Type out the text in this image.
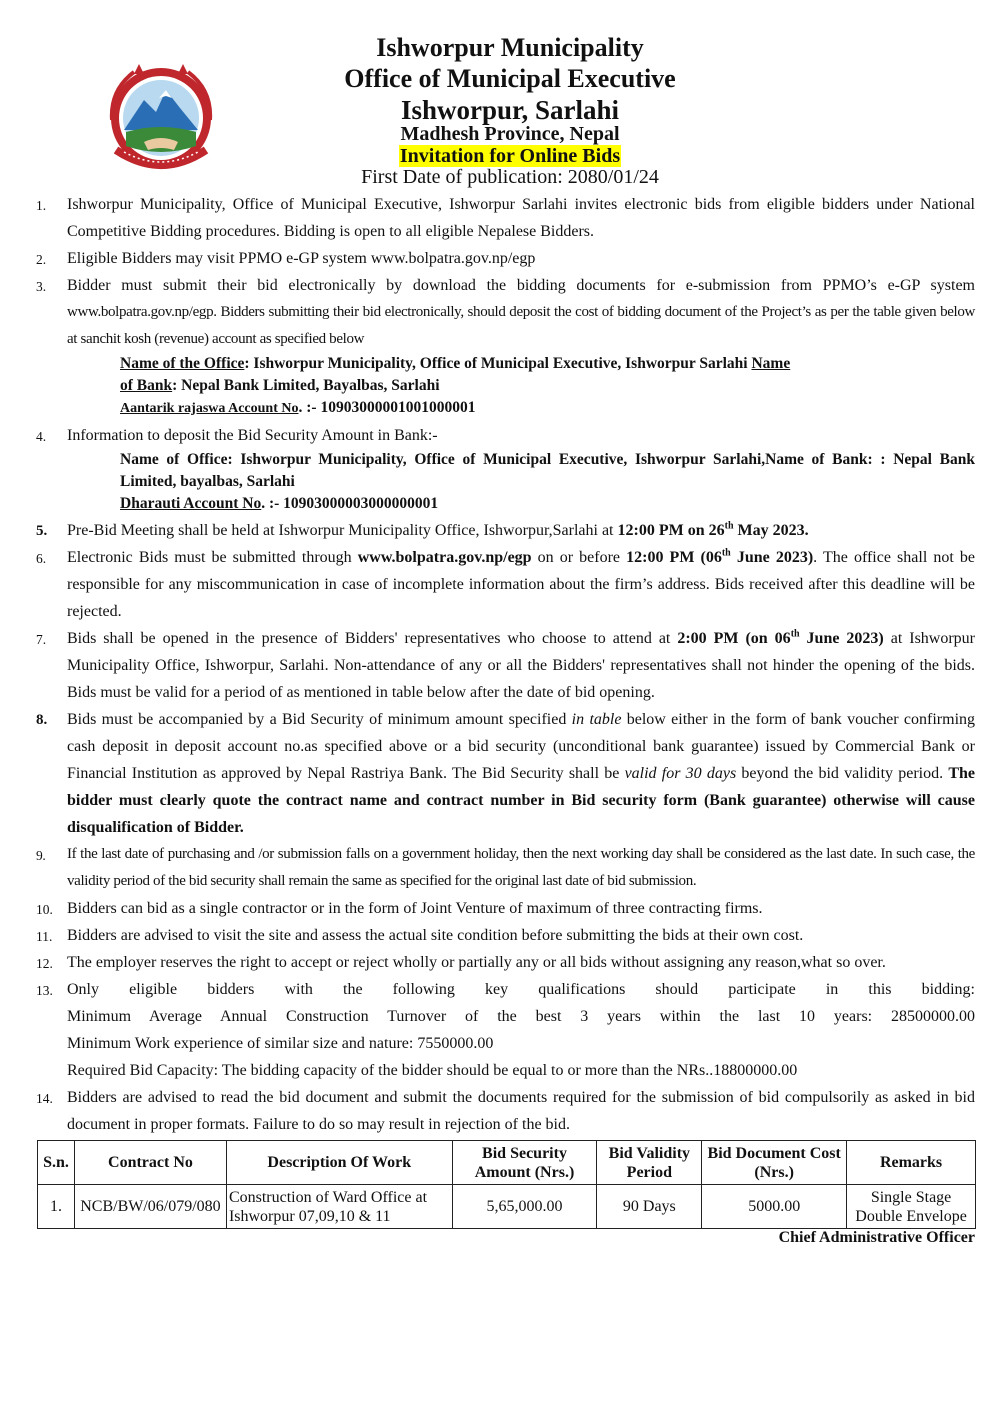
Ishworpur Municipality
Office of Municipal Executive
Ishworpur, Sarlahi
Madhesh Province, Nepal
Invitation for Online Bids
First Date of publication: 2080/01/24
1. Ishworpur Municipality, Office of Municipal Executive, Ishworpur Sarlahi invites electronic bids from eligible bidders under National Competitive Bidding procedures. Bidding is open to all eligible Nepalese Bidders.
2. Eligible Bidders may visit PPMO e-GP system www.bolpatra.gov.np/egp
3. Bidder must submit their bid electronically by download the bidding documents for e-submission from PPMO’s e-GP system
www.bolpatra.gov.np/egp. Bidders submitting their bid electronically, should deposit the cost of bidding document of the Project’s as per the table given below at sanchit kosh (revenue) account as specified below
Name of the Office: Ishworpur Municipality, Office of Municipal Executive, Ishworpur Sarlahi Name
of Bank: Nepal Bank Limited, Bayalbas, Sarlahi
Aantarik rajaswa Account No. :- 10903000001001000001
4. Information to deposit the Bid Security Amount in Bank:-
Name of Office: Ishworpur Municipality, Office of Municipal Executive, Ishworpur Sarlahi,Name of Bank: : Nepal Bank Limited, bayalbas, Sarlahi
Dharauti Account No. :- 10903000003000000001
5. Pre-Bid Meeting shall be held at Ishworpur Municipality Office, Ishworpur,Sarlahi at 12:00 PM on 26th May 2023.
6. Electronic Bids must be submitted through www.bolpatra.gov.np/egp on or before 12:00 PM (06th June 2023). The office shall not be responsible for any miscommunication in case of incomplete information about the firm’s address. Bids received after this deadline will be rejected.
7. Bids shall be opened in the presence of Bidders' representatives who choose to attend at 2:00 PM (on 06th June 2023) at Ishworpur Municipality Office, Ishworpur, Sarlahi. Non-attendance of any or all the Bidders' representatives shall not hinder the opening of the bids. Bids must be valid for a period of as mentioned in table below after the date of bid opening.
8. Bids must be accompanied by a Bid Security of minimum amount specified in table below either in the form of bank voucher confirming cash deposit in deposit account no.as specified above or a bid security (unconditional bank guarantee) issued by Commercial Bank or Financial Institution as approved by Nepal Rastriya Bank. The Bid Security shall be valid for 30 days beyond the bid validity period. The bidder must clearly quote the contract name and contract number in Bid security form (Bank guarantee) otherwise will cause disqualification of Bidder.
9. If the last date of purchasing and /or submission falls on a government holiday, then the next working day shall be considered as the last date. In such case, the validity period of the bid security shall remain the same as specified for the original last date of bid submission.
10. Bidders can bid as a single contractor or in the form of Joint Venture of maximum of three contracting firms.
11. Bidders are advised to visit the site and assess the actual site condition before submitting the bids at their own cost.
12. The employer reserves the right to accept or reject wholly or partially any or all bids without assigning any reason,what so over.
13. Only eligible bidders with the following key qualifications should participate in this bidding:
Minimum Average Annual Construction Turnover of the best 3 years within the last 10 years: 28500000.00
Minimum Work experience of similar size and nature: 7550000.00
Required Bid Capacity: The bidding capacity of the bidder should be equal to or more than the NRs..18800000.00
14. Bidders are advised to read the bid document and submit the documents required for the submission of bid compulsorily as asked in bid document in proper formats. Failure to do so may result in rejection of the bid.
S.n.	Contract No	Description Of Work	Bid Security Amount (Nrs.)	Bid Validity Period	Bid Document Cost (Nrs.)	Remarks
1.	NCB/BW/06/079/080	Construction of Ward Office at Ishworpur 07,09,10 & 11	5,65,000.00	90 Days	5000.00	Single Stage Double Envelope
Chief Administrative Officer
